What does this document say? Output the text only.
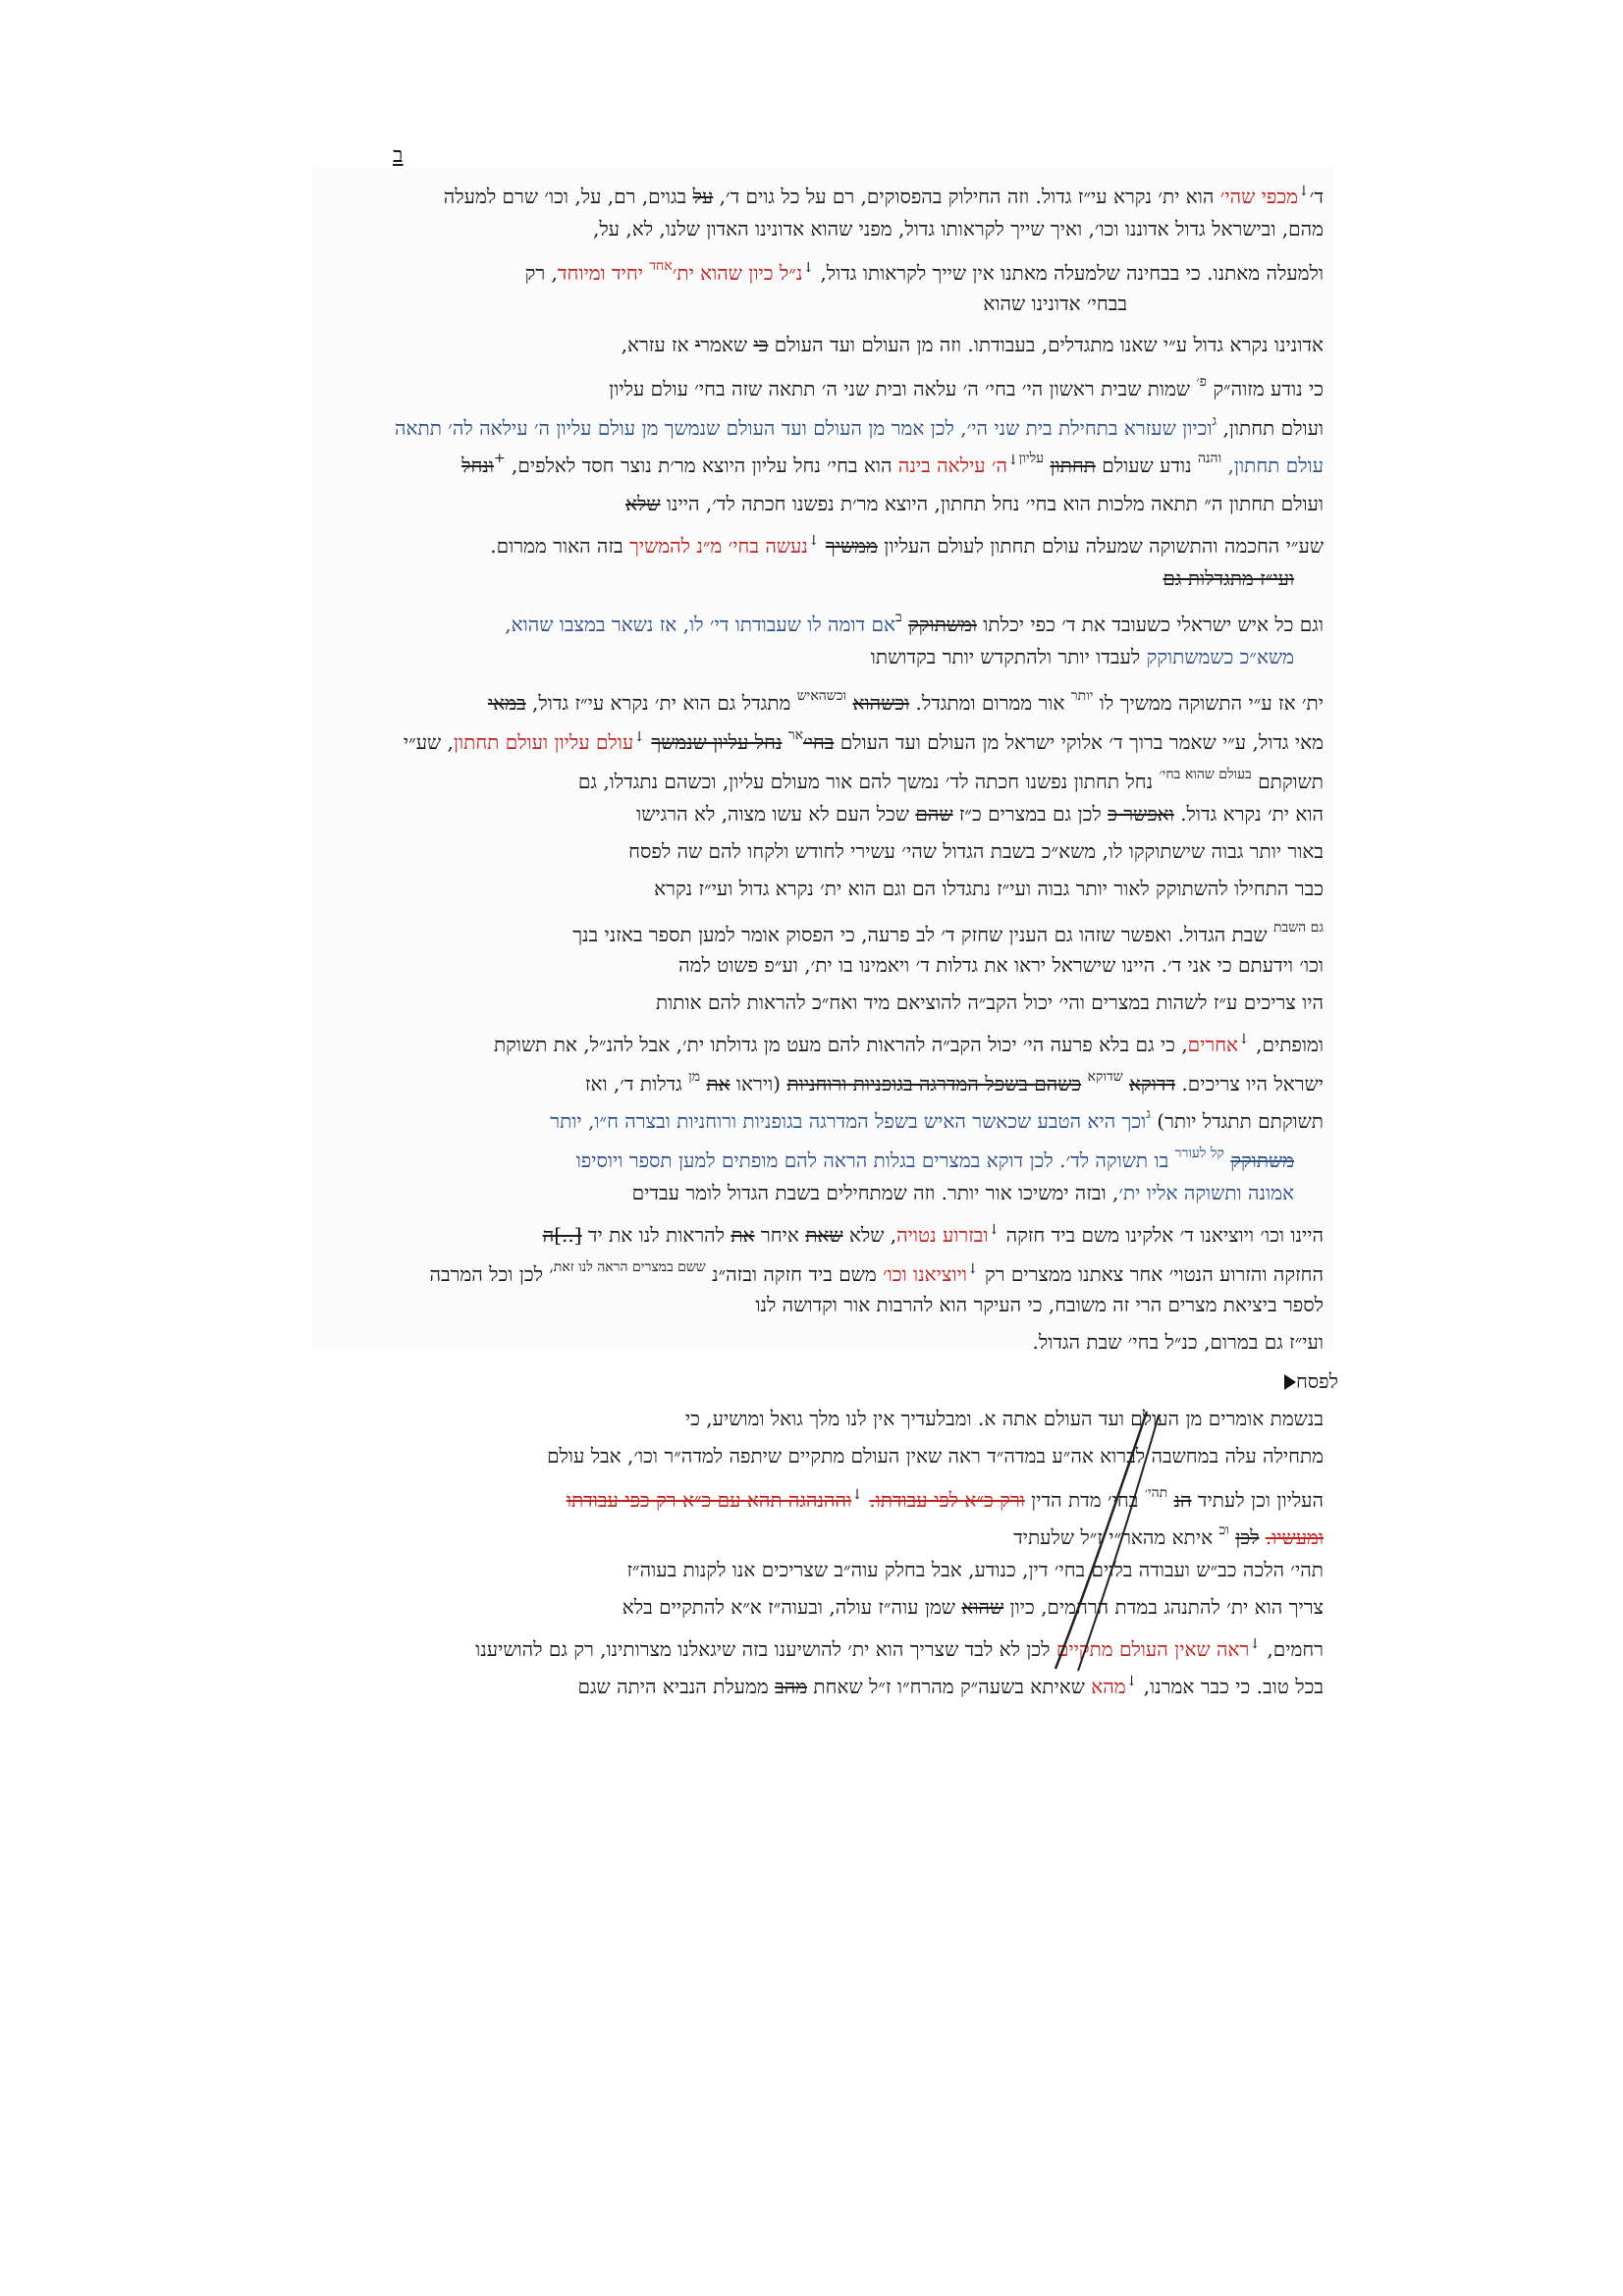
ב
לפסח
ד׳↓מכפי שהי׳ הוא ית׳ נקרא עי״ז גדול. וזה החילוק בהפסוקים, רם על כל גוים ד׳, על בגוים, רם, על, וכו׳ שרם למעלה
מהם, ובישראל גדול אדוננו וכו׳, ואיך שייך לקראותו גדול, מפני שהוא אדונינו האדון שלנו, לא, על,
ולמעלה מאתנו. כי בבחינה שלמעלה מאתנו אין שייך לקראותו גדול, ↓נ״ל כיון שהוא ית׳$^{אחד}$ יחיד ומיוחד, רק
בבחי׳ אדונינו שהוא
אדונינו נקרא גדול ע״י שאנו מתגדלים, בעבודתו. וזה מן העולם ועד העולם כי שאמרי אז עזרא,
כי נודע מזוה״ק $^{פ׳}$ שמות שבית ראשון הי׳ בחי׳ ה׳ עלאה ובית שני ה׳ תתאה שזה בחי׳ עולם עליון
ועולם תחתון, $^ג$וכיון שעזרא בתחילת בית שני הי׳, לכן אמר מן העולם ועד העולם שנמשך מן עולם עליון ה׳ עילאה לה׳ תתאה
עולם תחתון, $^{והנה}$ נודע שעולם תחתון $^{עליון↓}$ה׳ עילאה בינה הוא בחי׳ נחל עליון היוצא מר׳ת נוצר חסד לאלפים, +ונחל
ועולם תחתון ה״ תתאה מלכות הוא בחי׳ נחל תחתון, היוצא מר׳ת נפשנו חכתה לד׳, היינו שלא
שע״י החכמה והתשוקה שמעלה עולם תחתון לעולם העליון ממשיך ↓נעשה בחי׳ מ״נ להמשיך בזה האור ממרום.
ועי״ז מתגדלות גם
וגם כל איש ישראלי כשעובד את ד׳ כפי יכלתו ומשתוקק $^ב$אם דומה לו שעבודתו די׳ לו, אז נשאר במצבו שהוא,
משא״כ כשמשתוקק לעבדו יותר ולהתקדש יותר בקדושתו
ית׳ אז ע״י התשוקה ממשיך לו $^{יותר}$ אור ממרום ומתגדל. וכשהוא $^{וכשהאיש}$ מתגדל גם הוא ית׳ נקרא עי״ז גדול, במאי
מאי גדול, ע״י שאמר ברוך ד׳ אלוקי ישראל מן העולם ועד העולם בחי׳$^{אר}$ נחל עליון שנמשך ↓עולם עליון ועולם תחתון, שע״י
תשוקתם $^{בעולם שהוא בחי׳}$ נחל תחתון נפשנו חכתה לד׳ נמשך להם אור מעולם עליון, וכשהם נתגדלו, גם
הוא ית׳ נקרא גדול. ואפשר כ לכן גם במצרים כ״ז שהם שכל העם לא עשו מצוה, לא הרגישו
באור יותר גבוה שישתוקקו לו, משא״כ בשבת הגדול שהי׳ עשירי לחודש ולקחו להם שה לפסח
כבר התחילו להשתוקק לאור יותר גבוה ועי״ז נתגדלו הם וגם הוא ית׳ נקרא גדול ועי״ז נקרא
$^{גם השבת}$ שבת הגדול. ואפשר שזהו גם הענין שחזק ד׳ לב פרעה, כי הפסוק אומר למען תספר באזני בנך
וכו׳ וידעתם כי אני ד׳. היינו שישראל יראו את גדלות ד׳ ויאמינו בו ית׳, וע״פ פשוט למה
היו צריכים ע״ז לשהות במצרים והי׳ יכול הקב״ה להוציאם מיד ואח״כ להראות להם אותות
ומופתים, ↓אחרים, כי גם בלא פרעה הי׳ יכול הקב״ה להראות להם מעט מן גדולתו ית׳, אבל להנ״ל, את תשוקת
ישראל היו צריכים. דדוקא $^{שדוקא}$ כשהם בשפל המדרגה בגופניות ורוחניות (ויראו את $^{מן}$ גדלות ד׳, ואז
תשוקתם תתגדל יותר) $^ג$וכך היא הטבע שכאשר האיש בשפל המדרגה בגופניות ורוחניות ובצרה ח״ו, יותר
משתוקק $^{קל לעורר}$ בו תשוקה לד׳. לכן דוקא במצרים בגלות הראה להם מופתים למען תספר ויוסיפו
אמונה ותשוקה אליו ית׳, ובזה ימשיכו אור יותר. וזה שמתחילים בשבת הגדול לומר עבדים
היינו וכו׳ ויוציאנו ד׳ אלקינו משם ביד חזקה ↓ובזרוע נטויה, שלא שאת איחר את להראות לנו את יד [..]ה
החזקה והזרוע הנטוי׳ אחר צאתנו ממצרים רק ↓ויוציאנו וכו׳ משם ביד חזקה ובזה״נ $^{ששם במצרים הראה לנו זאת,}$ לכן וכל המרבה
לספר ביציאת מצרים הרי זה משובח, כי העיקר הוא להרבות אור וקדושה לנו
ועי״ז גם במרום, כנ״ל בחי׳ שבת הגדול.
בנשמת אומרים מן העולם ועד העולם אתה א. ומבלעדיך אין לנו מלך גואל ומושיע, כי
מתחילה עלה במחשבה לברוא אה״ע במדה״ד ראה שאין העולם מתקיים שיתפה למדה״ר וכו׳, אבל עולם
העליון וכן לעתיד הנ $^{תהי׳}$ בחי׳ מדת הדין ורק כ״א לפי עבודתו. ↓וההנהגה תהא עם כ״א רק כפי עבודתו
ומעשיו. לכן $^{וכ}$ איתא מהאר״י ז״ל שלעתיד
תהי׳ הלכה כב״ש ועבודה בלוים בחי׳ דין, כנודע, אבל בחלק עוה״ב שצריכים אנו לקנות בעוה״ז
צריך הוא ית׳ להתנהג במדת הרחמים, כיון שהוא שמן עוה״ז עולה, ובעוה״ז א״א להתקיים בלא
רחמים, ↓ראה שאין העולם מתקיים לכן לא לבד שצריך הוא ית׳ להושיענו בזה שיגאלנו מצרותינו, רק גם להושיענו
בכל טוב. כי כבר אמרנו, ↓מהא שאיתא בשעה״ק מהרח״ו ז״ל שאחת מהב ממעלת הנביא היתה שגם
